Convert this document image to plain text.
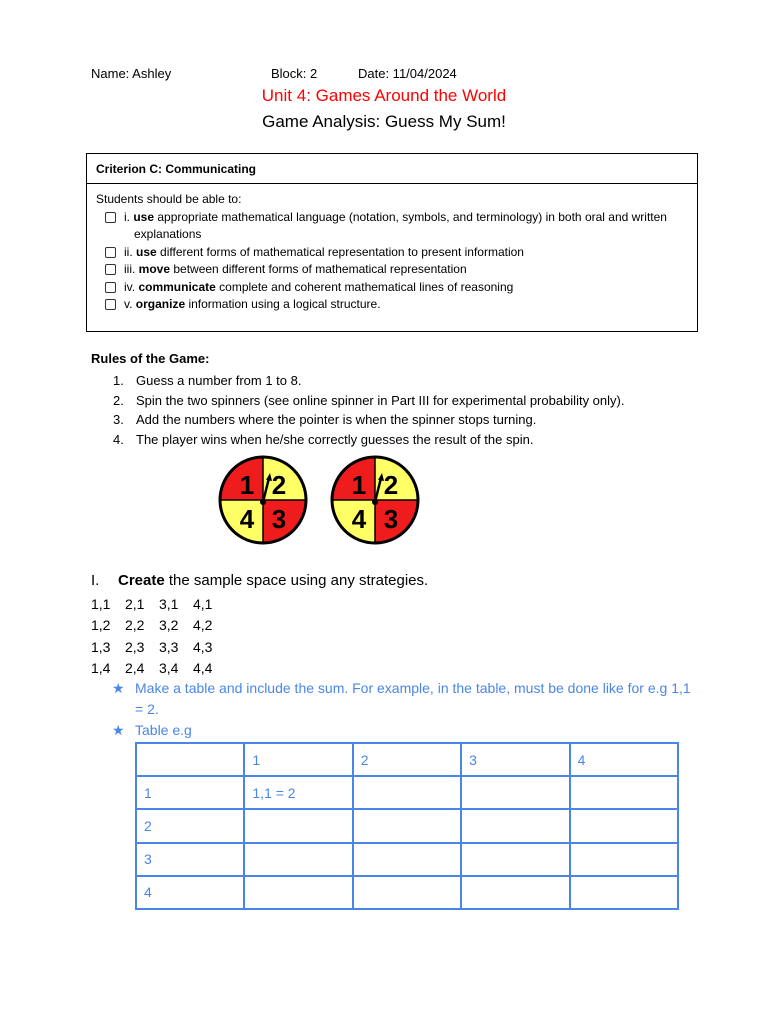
Name: Ashley	Block: 2	Date: 11/04/2024
Unit 4: Games Around the World
Game Analysis: Guess My Sum!
Criterion C: Communicating
Students should be able to:
i. use appropriate mathematical language (notation, symbols, and terminology) in both oral and written
explanations
ii. use different forms of mathematical representation to present information
iii. move between different forms of mathematical representation
iv. communicate complete and coherent mathematical lines of reasoning
v. organize information using a logical structure.
Rules of the Game:
1. Guess a number from 1 to 8.
2. Spin the two spinners (see online spinner in Part III for experimental probability only).
3. Add the numbers where the pointer is when the spinner stops turning.
4. The player wins when he/she correctly guesses the result of the spin.
1 2
3
4
1 2
3
4
I. Create the sample space using any strategies.
1,1 2,1 3,1 4,1
1,2 2,2 3,2 4,2
1,3 2,3 3,3 4,3
1,4 2,4 3,4 4,4
★ Make a table and include the sum. For example, in the table, must be done like for e.g 1,1 = 2.
★ Table e.g
	1	2	3	4
1	1,1 = 2			
2				
3				
4				
